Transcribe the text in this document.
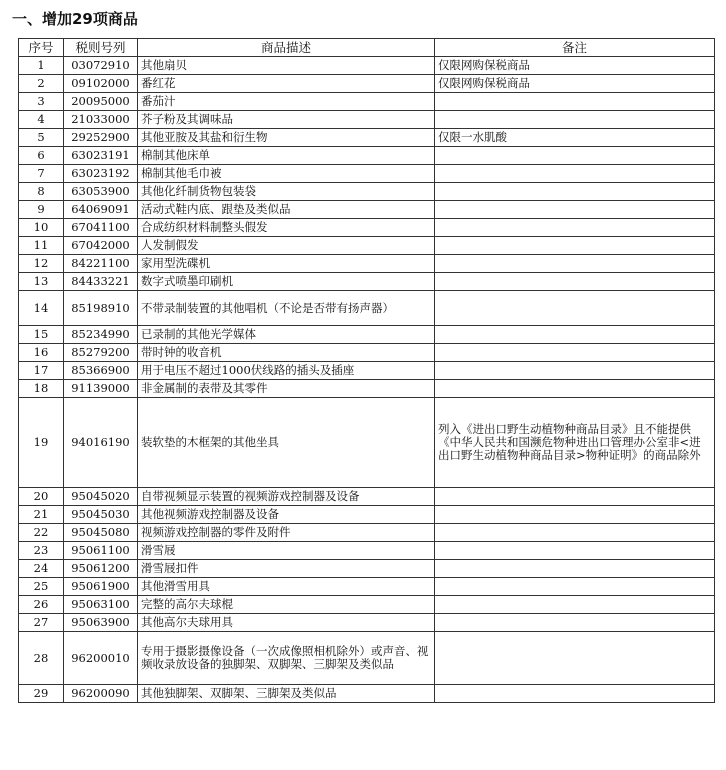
一、增加29项商品
序号	税则号列	商品描述	备注
1	03072910	其他扇贝	仅限网购保税商品
2	09102000	番红花	仅限网购保税商品
3	20095000	番茄汁	
4	21033000	芥子粉及其调味品	
5	29252900	其他亚胺及其盐和衍生物	仅限一水肌酸
6	63023191	棉制其他床单	
7	63023192	棉制其他毛巾被	
8	63053900	其他化纤制货物包装袋	
9	64069091	活动式鞋内底、跟垫及类似品	
10	67041100	合成纺织材料制整头假发	
11	67042000	人发制假发	
12	84221100	家用型洗碟机	
13	84433221	数字式喷墨印刷机	
14	85198910	不带录制装置的其他唱机（不论是否带有扬声器）	
15	85234990	已录制的其他光学媒体	
16	85279200	带时钟的收音机	
17	85366900	用于电压不超过1000伏线路的插头及插座	
18	91139000	非金属制的表带及其零件	
19	94016190	装软垫的木框架的其他坐具	列入《进出口野生动植物种商品目录》且不能提供《中华人民共和国濒危物种进出口管理办公室非<进出口野生动植物种商品目录>物种证明》的商品除外
20	95045020	自带视频显示装置的视频游戏控制器及设备	
21	95045030	其他视频游戏控制器及设备	
22	95045080	视频游戏控制器的零件及附件	
23	95061100	滑雪屐	
24	95061200	滑雪屐扣件	
25	95061900	其他滑雪用具	
26	95063100	完整的高尔夫球棍	
27	95063900	其他高尔夫球用具	
28	96200010	专用于摄影摄像设备（一次成像照相机除外）或声音、视频收录放设备的独脚架、双脚架、三脚架及类似品	
29	96200090	其他独脚架、双脚架、三脚架及类似品	
